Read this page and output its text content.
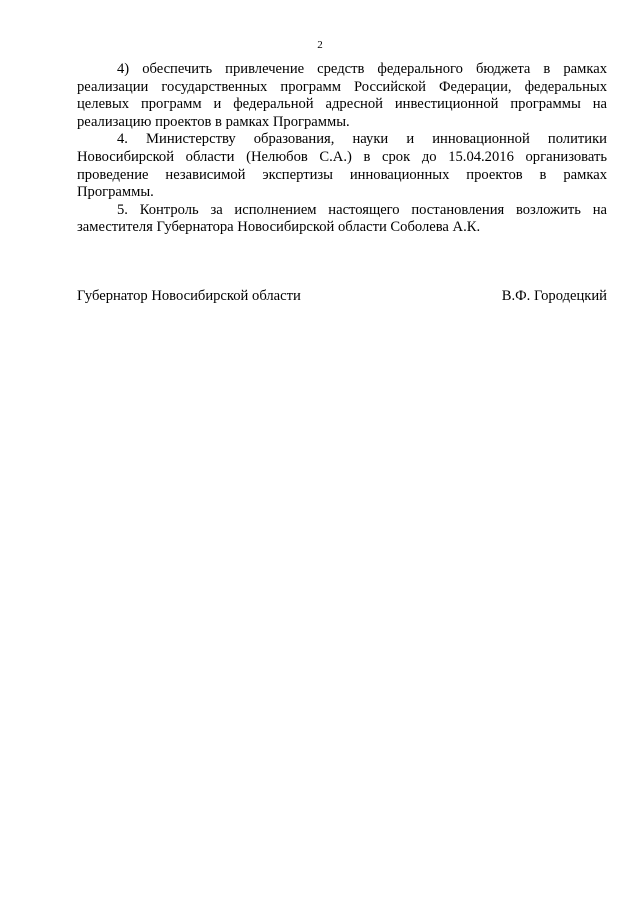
2

4) обеспечить привлечение средств федерального бюджета в рамках реализации государственных программ Российской Федерации, федеральных целевых программ и федеральной адресной инвестиционной программы на реализацию проектов в рамках Программы.

4. Министерству образования, науки и инновационной политики Новосибирской области (Нелюбов С.А.) в срок до 15.04.2016 организовать проведение независимой экспертизы инновационных проектов в рамках Программы.

5. Контроль за исполнением настоящего постановления возложить на заместителя Губернатора Новосибирской области Соболева А.К.

Губернатор Новосибирской области	В.Ф. Городецкий
